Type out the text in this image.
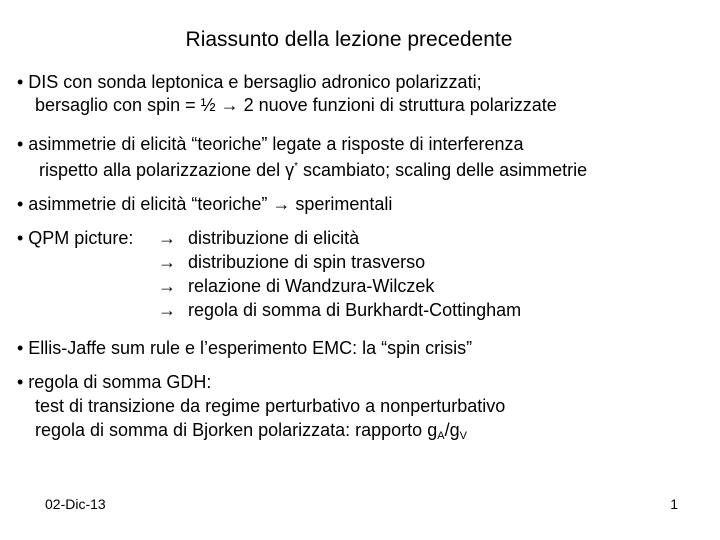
Riassunto della lezione precedente
• DIS con sonda leptonica e bersaglio adronico polarizzati;
bersaglio con spin = ½ → 2 nuove funzioni di struttura polarizzate
• asimmetrie di elicità “teoriche” legate a risposte di interferenza
rispetto alla polarizzazione del γ* scambiato; scaling delle asimmetrie
• asimmetrie di elicità “teoriche” → sperimentali
• QPM picture: → distribuzione di elicità
→ distribuzione di spin trasverso
→ relazione di Wandzura-Wilczek
→ regola di somma di Burkhardt-Cottingham
• Ellis-Jaffe sum rule e l’esperimento EMC: la “spin crisis”
• regola di somma GDH:
test di transizione da regime perturbativo a nonperturbativo
regola di somma di Bjorken polarizzata: rapporto $g_A/g_V$
02-Dic-13	1
